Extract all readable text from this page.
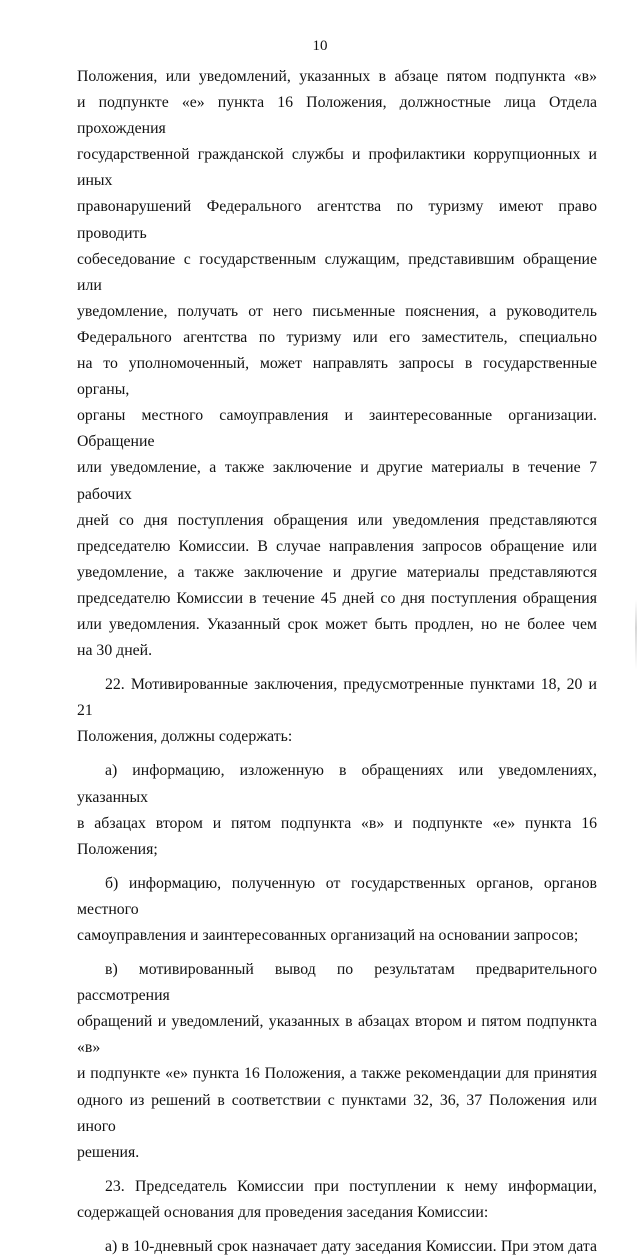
10

Положения, или уведомлений, указанных в абзаце пятом подпункта «в»
и подпункте «е» пункта 16 Положения, должностные лица Отдела прохождения
государственной гражданской службы и профилактики коррупционных и иных
правонарушений Федерального агентства по туризму имеют право проводить
собеседование с государственным служащим, представившим обращение или
уведомление, получать от него письменные пояснения, а руководитель
Федерального агентства по туризму или его заместитель, специально
на то уполномоченный, может направлять запросы в государственные органы,
органы местного самоуправления и заинтересованные организации. Обращение
или уведомление, а также заключение и другие материалы в течение 7 рабочих
дней со дня поступления обращения или уведомления представляются
председателю Комиссии. В случае направления запросов обращение или
уведомление, а также заключение и другие материалы представляются
председателю Комиссии в течение 45 дней со дня поступления обращения
или уведомления. Указанный срок может быть продлен, но не более чем
на 30 дней.

22. Мотивированные заключения, предусмотренные пунктами 18, 20 и 21
Положения, должны содержать:

а) информацию, изложенную в обращениях или уведомлениях, указанных
в абзацах втором и пятом подпункта «в» и подпункте «е» пункта 16 Положения;

б) информацию, полученную от государственных органов, органов местного
самоуправления и заинтересованных организаций на основании запросов;

в) мотивированный вывод по результатам предварительного рассмотрения
обращений и уведомлений, указанных в абзацах втором и пятом подпункта «в»
и подпункте «е» пункта 16 Положения, а также рекомендации для принятия
одного из решений в соответствии с пунктами 32, 36, 37 Положения или иного
решения.

23. Председатель Комиссии при поступлении к нему информации,
содержащей основания для проведения заседания Комиссии:

а) в 10-дневный срок назначает дату заседания Комиссии. При этом дата
